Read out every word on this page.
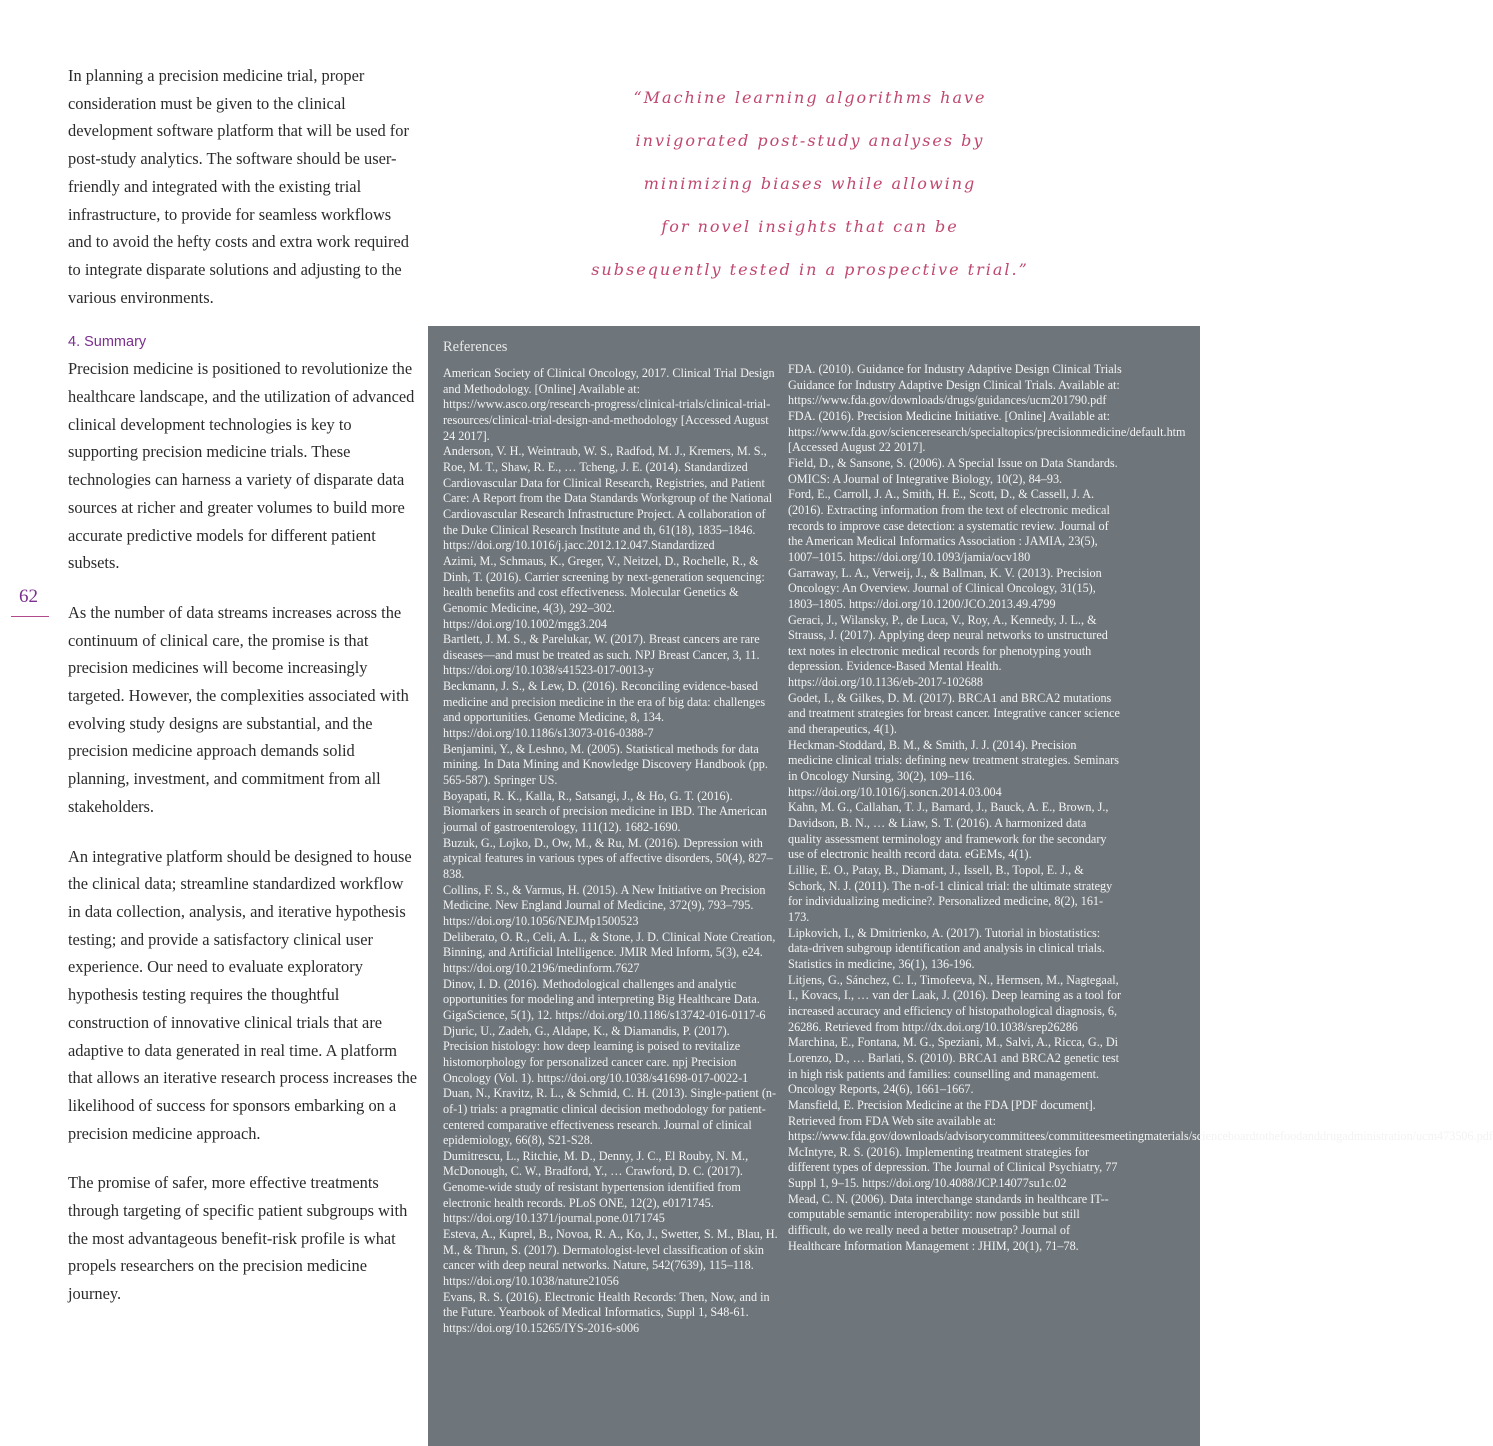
62

In planning a precision medicine trial, proper consideration must be given to the clinical development software platform that will be used for post-study analytics. The software should be user-friendly and integrated with the existing trial infrastructure, to provide for seamless workflows and to avoid the hefty costs and extra work required to integrate disparate solutions and adjusting to the various environments.

4. Summary

Precision medicine is positioned to revolutionize the healthcare landscape, and the utilization of advanced clinical development technologies is key to supporting precision medicine trials. These technologies can harness a variety of disparate data sources at richer and greater volumes to build more accurate predictive models for different patient subsets.

As the number of data streams increases across the continuum of clinical care, the promise is that precision medicines will become increasingly targeted. However, the complexities associated with evolving study designs are substantial, and the precision medicine approach demands solid planning, investment, and commitment from all stakeholders.

An integrative platform should be designed to house the clinical data; streamline standardized workflow in data collection, analysis, and iterative hypothesis testing; and provide a satisfactory clinical user experience. Our need to evaluate exploratory hypothesis testing requires the thoughtful construction of innovative clinical trials that are adaptive to data generated in real time. A platform that allows an iterative research process increases the likelihood of success for sponsors embarking on a precision medicine approach.

The promise of safer, more effective treatments through targeting of specific patient subgroups with the most advantageous benefit-risk profile is what propels researchers on the precision medicine journey.

“Machine learning algorithms have
invigorated post-study analyses by
minimizing biases while allowing
for novel insights that can be
subsequently tested in a prospective trial.”
References
American Society of Clinical Oncology, 2017. Clinical Trial Design and Methodology. [Online] Available at: https://www.asco.org/research-progress/clinical-trials/clinical-trial-resources/clinical-trial-design-and-methodology [Accessed August 24 2017].
Anderson, V. H., Weintraub, W. S., Radfod, M. J., Kremers, M. S., Roe, M. T., Shaw, R. E., … Tcheng, J. E. (2014). Standardized Cardiovascular Data for Clinical Research, Registries, and Patient Care: A Report from the Data Standards Workgroup of the National Cardiovascular Research Infrastructure Project. A collaboration of the Duke Clinical Research Institute and th, 61(18), 1835–1846. https://doi.org/10.1016/j.jacc.2012.12.047.Standardized
Azimi, M., Schmaus, K., Greger, V., Neitzel, D., Rochelle, R., & Dinh, T. (2016). Carrier screening by next-generation sequencing: health benefits and cost effectiveness. Molecular Genetics & Genomic Medicine, 4(3), 292–302. https://doi.org/10.1002/mgg3.204
Bartlett, J. M. S., & Parelukar, W. (2017). Breast cancers are rare diseases—and must be treated as such. NPJ Breast Cancer, 3, 11. https://doi.org/10.1038/s41523-017-0013-y
Beckmann, J. S., & Lew, D. (2016). Reconciling evidence-based medicine and precision medicine in the era of big data: challenges and opportunities. Genome Medicine, 8, 134. https://doi.org/10.1186/s13073-016-0388-7
Benjamini, Y., & Leshno, M. (2005). Statistical methods for data mining. In Data Mining and Knowledge Discovery Handbook (pp. 565-587). Springer US.
Boyapati, R. K., Kalla, R., Satsangi, J., & Ho, G. T. (2016). Biomarkers in search of precision medicine in IBD. The American journal of gastroenterology, 111(12). 1682-1690.
Buzuk, G., Lojko, D., Ow, M., & Ru, M. (2016). Depression with atypical features in various types of affective disorders, 50(4), 827–838.
Collins, F. S., & Varmus, H. (2015). A New Initiative on Precision Medicine. New England Journal of Medicine, 372(9), 793–795. https://doi.org/10.1056/NEJMp1500523
Deliberato, O. R., Celi, A. L., & Stone, J. D. Clinical Note Creation, Binning, and Artificial Intelligence. JMIR Med Inform, 5(3), e24. https://doi.org/10.2196/medinform.7627
Dinov, I. D. (2016). Methodological challenges and analytic opportunities for modeling and interpreting Big Healthcare Data. GigaScience, 5(1), 12. https://doi.org/10.1186/s13742-016-0117-6
Djuric, U., Zadeh, G., Aldape, K., & Diamandis, P. (2017). Precision histology: how deep learning is poised to revitalize histomorphology for personalized cancer care. npj Precision Oncology (Vol. 1). https://doi.org/10.1038/s41698-017-0022-1
Duan, N., Kravitz, R. L., & Schmid, C. H. (2013). Single-patient (n-of-1) trials: a pragmatic clinical decision methodology for patient-centered comparative effectiveness research. Journal of clinical epidemiology, 66(8), S21-S28.
Dumitrescu, L., Ritchie, M. D., Denny, J. C., El Rouby, N. M., McDonough, C. W., Bradford, Y., … Crawford, D. C. (2017). Genome-wide study of resistant hypertension identified from electronic health records. PLoS ONE, 12(2), e0171745. https://doi.org/10.1371/journal.pone.0171745
Esteva, A., Kuprel, B., Novoa, R. A., Ko, J., Swetter, S. M., Blau, H. M., & Thrun, S. (2017). Dermatologist-level classification of skin cancer with deep neural networks. Nature, 542(7639), 115–118. https://doi.org/10.1038/nature21056
Evans, R. S. (2016). Electronic Health Records: Then, Now, and in the Future. Yearbook of Medical Informatics, Suppl 1, S48-61. https://doi.org/10.15265/IYS-2016-s006
FDA. (2010). Guidance for Industry Adaptive Design Clinical Trials Guidance for Industry Adaptive Design Clinical Trials. Available at: https://www.fda.gov/downloads/drugs/guidances/ucm201790.pdf
FDA. (2016). Precision Medicine Initiative. [Online] Available at: https://www.fda.gov/scienceresearch/specialtopics/precisionmedicine/default.htm [Accessed August 22 2017].
Field, D., & Sansone, S. (2006). A Special Issue on Data Standards. OMICS: A Journal of Integrative Biology, 10(2), 84–93.
Ford, E., Carroll, J. A., Smith, H. E., Scott, D., & Cassell, J. A. (2016). Extracting information from the text of electronic medical records to improve case detection: a systematic review. Journal of the American Medical Informatics Association : JAMIA, 23(5), 1007–1015. https://doi.org/10.1093/jamia/ocv180
Garraway, L. A., Verweij, J., & Ballman, K. V. (2013). Precision Oncology: An Overview. Journal of Clinical Oncology, 31(15), 1803–1805. https://doi.org/10.1200/JCO.2013.49.4799
Geraci, J., Wilansky, P., de Luca, V., Roy, A., Kennedy, J. L., & Strauss, J. (2017). Applying deep neural networks to unstructured text notes in electronic medical records for phenotyping youth depression. Evidence-Based Mental Health. https://doi.org/10.1136/eb-2017-102688
Godet, I., & Gilkes, D. M. (2017). BRCA1 and BRCA2 mutations and treatment strategies for breast cancer. Integrative cancer science and therapeutics, 4(1).
Heckman-Stoddard, B. M., & Smith, J. J. (2014). Precision medicine clinical trials: defining new treatment strategies. Seminars in Oncology Nursing, 30(2), 109–116. https://doi.org/10.1016/j.soncn.2014.03.004
Kahn, M. G., Callahan, T. J., Barnard, J., Bauck, A. E., Brown, J., Davidson, B. N., … & Liaw, S. T. (2016). A harmonized data quality assessment terminology and framework for the secondary use of electronic health record data. eGEMs, 4(1).
Lillie, E. O., Patay, B., Diamant, J., Issell, B., Topol, E. J., & Schork, N. J. (2011). The n-of-1 clinical trial: the ultimate strategy for individualizing medicine?. Personalized medicine, 8(2), 161-173.
Lipkovich, I., & Dmitrienko, A. (2017). Tutorial in biostatistics: data-driven subgroup identification and analysis in clinical trials. Statistics in medicine, 36(1), 136-196.
Litjens, G., Sánchez, C. I., Timofeeva, N., Hermsen, M., Nagtegaal, I., Kovacs, I., … van der Laak, J. (2016). Deep learning as a tool for increased accuracy and efficiency of histopathological diagnosis, 6, 26286. Retrieved from http://dx.doi.org/10.1038/srep26286
Marchina, E., Fontana, M. G., Speziani, M., Salvi, A., Ricca, G., Di Lorenzo, D., … Barlati, S. (2010). BRCA1 and BRCA2 genetic test in high risk patients and families: counselling and management. Oncology Reports, 24(6), 1661–1667.
Mansfield, E. Precision Medicine at the FDA [PDF document]. Retrieved from FDA Web site available at: https://www.fda.gov/downloads/advisorycommittees/committeesmeetingmaterials/scienceboardtothefoodanddrugadministration/ucm473506.pdf
McIntyre, R. S. (2016). Implementing treatment strategies for different types of depression. The Journal of Clinical Psychiatry, 77 Suppl 1, 9–15. https://doi.org/10.4088/JCP.14077su1c.02
Mead, C. N. (2006). Data interchange standards in healthcare IT--computable semantic interoperability: now possible but still difficult, do we really need a better mousetrap? Journal of Healthcare Information Management : JHIM, 20(1), 71–78.
